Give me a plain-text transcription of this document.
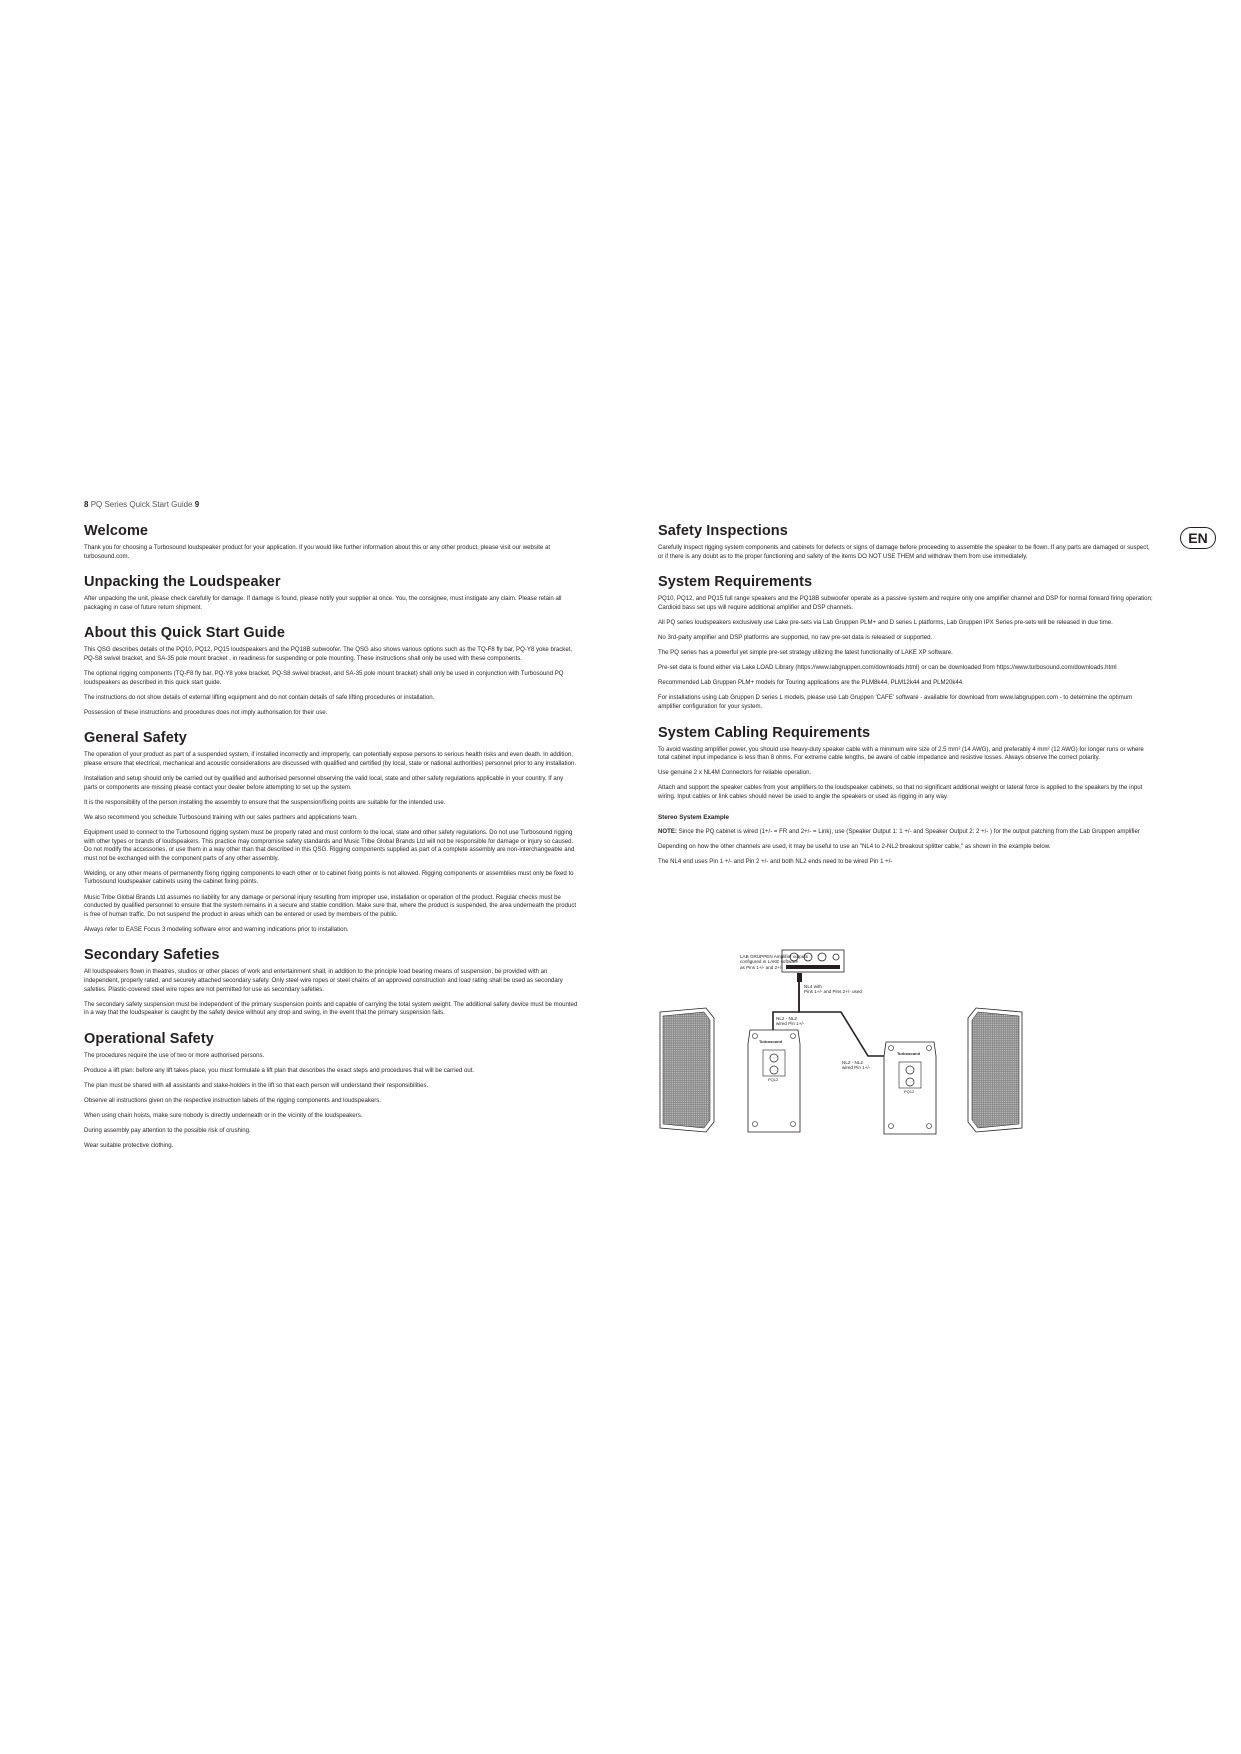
8 PQ Series Quick Start Guide 9
EN
Welcome

Thank you for choosing a Turbosound loudspeaker product for your application. If you would like further information about this or any other product, please visit our website at turbosound.com.

Unpacking the Loudspeaker

After unpacking the unit, please check carefully for damage. If damage is found, please notify your supplier at once. You, the consignee, must instigate any claim. Please retain all packaging in case of future return shipment.

About this Quick Start Guide

This QSG describes details of the PQ10, PQ12, PQ15 loudspeakers and the PQ18B subwoofer. The QSG also shows various options such as the TQ-F8 fly bar, PQ-Y8 yoke bracket, PQ-S8 swivel bracket, and SA-35 pole mount bracket , in readiness for suspending or pole mounting. These instructions shall only be used with these components.

The optional rigging components (TQ-F8 fly bar, PQ-Y8 yoke bracket, PQ-S8 swivel bracket, and SA-35 pole mount bracket) shall only be used in conjunction with Turbosound PQ loudspeakers as described in this quick start guide.

The instructions do not show details of external lifting equipment and do not contain details of safe lifting procedures or installation.

Possession of these instructions and procedures does not imply authorisation for their use.

General Safety

The operation of your product as part of a suspended system, if installed incorrectly and improperly, can potentially expose persons to serious health risks and even death. In addition, please ensure that electrical, mechanical and acoustic considerations are discussed with qualified and certified (by local, state or national authorities) personnel prior to any installation.

Installation and setup should only be carried out by qualified and authorised personnel observing the valid local, state and other safety regulations applicable in your country. If any parts or components are missing please contact your dealer before attempting to set up the system.

It is the responsibility of the person installing the assembly to ensure that the suspension/fixing points are suitable for the intended use.

We also recommend you schedule Turbosound training with our sales partners and applications team.

Equipment used to connect to the Turbosound rigging system must be properly rated and must conform to the local, state and other safety regulations. Do not use Turbosound rigging with other types or brands of loudspeakers. This practice may compromise safety standards and Music Tribe Global Brands Ltd will not be responsible for damage or injury so caused. Do not modify the accessories, or use them in a way other than that described in this QSG. Rigging components supplied as part of a complete assembly are non-interchangeable and must not be exchanged with the component parts of any other assembly.

Welding, or any other means of permanently fixing rigging components to each other or to cabinet fixing points is not allowed. Rigging components or assemblies must only be fixed to Turbosound loudspeaker cabinets using the cabinet fixing points.

Music Tribe Global Brands Ltd assumes no liability for any damage or personal injury resulting from improper use, installation or operation of the product. Regular checks must be conducted by qualified personnel to ensure that the system remains in a secure and stable condition. Make sure that, where the product is suspended, the area underneath the product is free of human traffic. Do not suspend the product in areas which can be entered or used by members of the public.

Always refer to EASE Focus 3 modeling software error and warning indications prior to installation.

Secondary Safeties

All loudspeakers flown in theatres, studios or other places of work and entertainment shall, in addition to the principle load bearing means of suspension, be provided with an independent, properly rated, and securely attached secondary safety. Only steel wire ropes or steel chains of an approved construction and load rating shall be used as secondary safeties. Plastic-covered steel wire ropes are not permitted for use as secondary safeties.

The secondary safety suspension must be independent of the primary suspension points and capable of carrying the total system weight. The additional safety device must be mounted in a way that the loudspeaker is caught by the safety device without any drop and swing, in the event that the primary suspension fails.

Operational Safety

The procedures require the use of two or more authorised persons.

Produce a lift plan: before any lift takes place, you must formulate a lift plan that describes the exact steps and procedures that will be carried out.

The plan must be shared with all assistants and stake-holders in the lift so that each person will understand their responsibilities.

Observe all instructions given on the respective instruction labels of the rigging components and loudspeakers.

When using chain hoists, make sure nobody is directly underneath or in the vicinity of the loudspeakers.

During assembly pay attention to the possible risk of crushing.

Wear suitable protective clothing.

Safety Inspections

Carefully inspect rigging system components and cabinets for defects or signs of damage before proceeding to assemble the speaker to be flown. If any parts are damaged or suspect, or if there is any doubt as to the proper functioning and safety of the items DO NOT USE THEM and withdraw them from use immediately.

System Requirements

PQ10, PQ12, and PQ15 full range speakers and the PQ18B subwoofer operate as a passive system and require only one amplifier channel and DSP for normal forward firing operation; Cardioid bass set ups will require additional amplifier and DSP channels.

All PQ series loudspeakers exclusively use Lake pre-sets via Lab Gruppen PLM+ and D series L platforms, Lab Gruppen IPX Series pre-sets will be released in due time.

No 3rd-party amplifier and DSP platforms are supported, no raw pre-set data is released or supported.

The PQ series has a powerful yet simple pre-set strategy utilizing the latest functionality of LAKE XP software.

Pre-set data is found either via Lake LOAD Library (https://www.labgruppen.com/downloads.html) or can be downloaded from https://www.turbosound.com/downloads.html

Recommended Lab Gruppen PLM+ models for Touring applications are the PLM8k44, PLM12k44 and PLM20k44.

For installations using Lab Gruppen D series L models, please use Lab Gruppen 'CAFE' software - available for download from www.labgruppen.com - to determine the optimum amplifier configuration for your system.

System Cabling Requirements

To avoid wasting amplifier power, you should use heavy-duty speaker cable with a minimum wire size of 2.5 mm² (14 AWG), and preferably 4 mm² (12 AWG) for longer runs or where total cabinet input impedance is less than 8 ohms. For extreme cable lengths, be aware of cable impedance and resistive losses. Always observe the correct polarity.

Use genuine 2 x NL4M Connectors for reliable operation.

Attach and support the speaker cables from your amplifiers to the loudspeaker cabinets, so that no significant additional weight or lateral force is applied to the speakers by the input wiring. Input cables or link cables should never be used to angle the speakers or used as rigging in any way.

Stereo System Example

NOTE: Since the PQ cabinet is wired (1+/- = FR and 2+/- = Link), use (Speaker Output 1: 1 +/- and Speaker Output 2: 2 +/- ) for the output patching from the Lab Gruppen amplifier

Depending on how the other channels are used, it may be useful to use an "NL4 to 2-NL2 breakout splitter cable," as shown in the example below.

The NL4 end uses Pin 1 +/- and Pin 2 +/- and both NL2 ends need to be wired Pin 1 +/-

LAB GRUPPEN Amplifier outputs
configured in LAKE software
as Pins 1+/- and 2+/-
NL4 with
Pins 1+/- and Pins 2+/- used
NL2 - NL2
wired Pin 1+/-
NL2 - NL2
wired Pin 1+/-
Turbosound
Turbosound
PQ12
PQ12
